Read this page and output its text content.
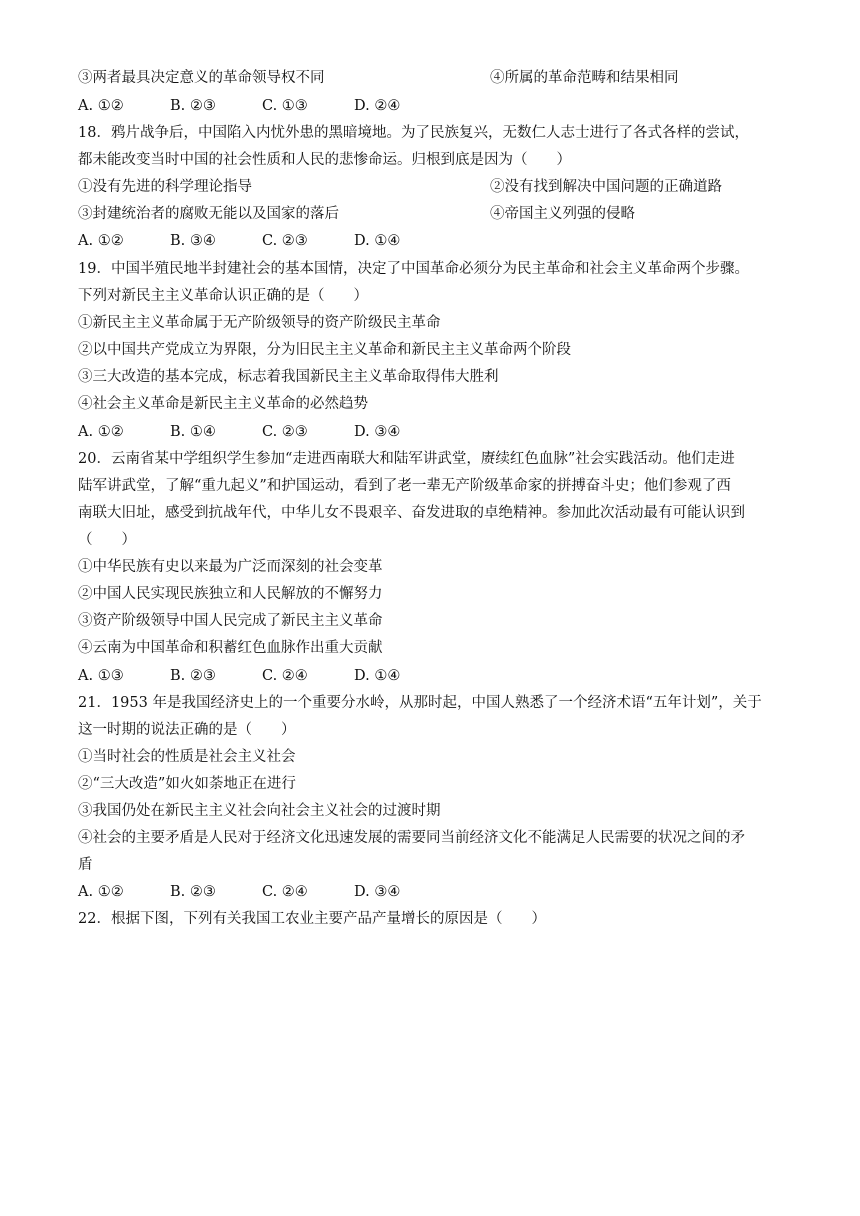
③两者最具决定意义的革命领导权不同	④所属的革命范畴和结果相同
A. ①②	B. ②③	C. ①③	D. ②④
18．鸦片战争后，中国陷入内忧外患的黑暗境地。为了民族复兴，无数仁人志士进行了各式各样的尝试，
都未能改变当时中国的社会性质和人民的悲惨命运。归根到底是因为（　　）
①没有先进的科学理论指导	②没有找到解决中国问题的正确道路
③封建统治者的腐败无能以及国家的落后	④帝国主义列强的侵略
A. ①②	B. ③④	C. ②③	D. ①④
19．中国半殖民地半封建社会的基本国情，决定了中国革命必须分为民主革命和社会主义革命两个步骤。
下列对新民主主义革命认识正确的是（　　）
①新民主主义革命属于无产阶级领导的资产阶级民主革命
②以中国共产党成立为界限，分为旧民主主义革命和新民主主义革命两个阶段
③三大改造的基本完成，标志着我国新民主主义革命取得伟大胜利
④社会主义革命是新民主主义革命的必然趋势
A. ①②	B. ①④	C. ②③	D. ③④
20．云南省某中学组织学生参加“走进西南联大和陆军讲武堂，赓续红色血脉”社会实践活动。他们走进
陆军讲武堂，了解“重九起义”和护国运动，看到了老一辈无产阶级革命家的拼搏奋斗史；他们参观了西
南联大旧址，感受到抗战年代，中华儿女不畏艰辛、奋发进取的卓绝精神。参加此次活动最有可能认识到
（　　）
①中华民族有史以来最为广泛而深刻的社会变革
②中国人民实现民族独立和人民解放的不懈努力
③资产阶级领导中国人民完成了新民主主义革命
④云南为中国革命和积蓄红色血脉作出重大贡献
A. ①③	B. ②③	C. ②④	D. ①④
21．1953 年是我国经济史上的一个重要分水岭，从那时起，中国人熟悉了一个经济术语“五年计划”，关于
这一时期的说法正确的是（　　）
①当时社会的性质是社会主义社会
②“三大改造”如火如荼地正在进行
③我国仍处在新民主主义社会向社会主义社会的过渡时期
④社会的主要矛盾是人民对于经济文化迅速发展的需要同当前经济文化不能满足人民需要的状况之间的矛
盾
A. ①②	B. ②③	C. ②④	D. ③④
22．根据下图，下列有关我国工农业主要产品产量增长的原因是（　　）
